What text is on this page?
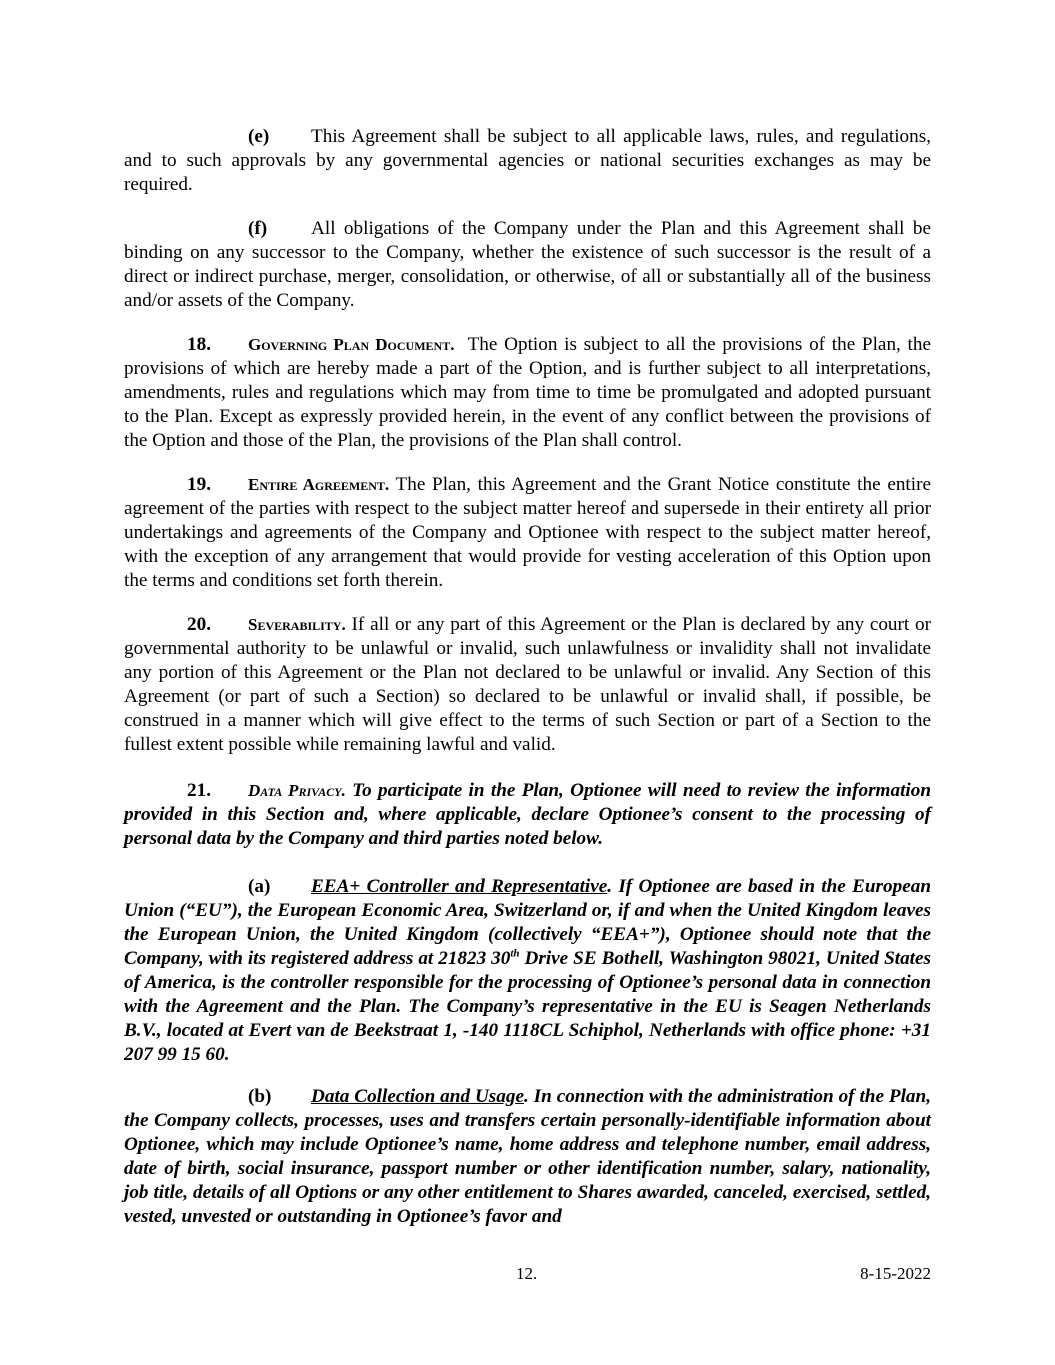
(e) This Agreement shall be subject to all applicable laws, rules, and regulations, and to such approvals by any governmental agencies or national securities exchanges as may be required.

(f) All obligations of the Company under the Plan and this Agreement shall be binding on any successor to the Company, whether the existence of such successor is the result of a direct or indirect purchase, merger, consolidation, or otherwise, of all or substantially all of the business and/or assets of the Company.

18. Governing Plan Document. The Option is subject to all the provisions of the Plan, the provisions of which are hereby made a part of the Option, and is further subject to all interpretations, amendments, rules and regulations which may from time to time be promulgated and adopted pursuant to the Plan. Except as expressly provided herein, in the event of any conflict between the provisions of the Option and those of the Plan, the provisions of the Plan shall control.

19. Entire Agreement. The Plan, this Agreement and the Grant Notice constitute the entire agreement of the parties with respect to the subject matter hereof and supersede in their entirety all prior undertakings and agreements of the Company and Optionee with respect to the subject matter hereof, with the exception of any arrangement that would provide for vesting acceleration of this Option upon the terms and conditions set forth therein.

20. Severability. If all or any part of this Agreement or the Plan is declared by any court or governmental authority to be unlawful or invalid, such unlawfulness or invalidity shall not invalidate any portion of this Agreement or the Plan not declared to be unlawful or invalid. Any Section of this Agreement (or part of such a Section) so declared to be unlawful or invalid shall, if possible, be construed in a manner which will give effect to the terms of such Section or part of a Section to the fullest extent possible while remaining lawful and valid.

21. Data Privacy. To participate in the Plan, Optionee will need to review the information provided in this Section and, where applicable, declare Optionee’s consent to the processing of personal data by the Company and third parties noted below.

(a) EEA+ Controller and Representative. If Optionee are based in the European Union (“EU”), the European Economic Area, Switzerland or, if and when the United Kingdom leaves the European Union, the United Kingdom (collectively “EEA+”), Optionee should note that the Company, with its registered address at 21823 30th Drive SE Bothell, Washington 98021, United States of America, is the controller responsible for the processing of Optionee’s personal data in connection with the Agreement and the Plan. The Company’s representative in the EU is Seagen Netherlands B.V., located at Evert van de Beekstraat 1, -140 1118CL Schiphol, Netherlands with office phone: +31 207 99 15 60.

(b) Data Collection and Usage. In connection with the administration of the Plan, the Company collects, processes, uses and transfers certain personally-identifiable information about Optionee, which may include Optionee’s name, home address and telephone number, email address, date of birth, social insurance, passport number or other identification number, salary, nationality, job title, details of all Options or any other entitlement to Shares awarded, canceled, exercised, settled, vested, unvested or outstanding in Optionee’s favor and

12.	8-15-2022
